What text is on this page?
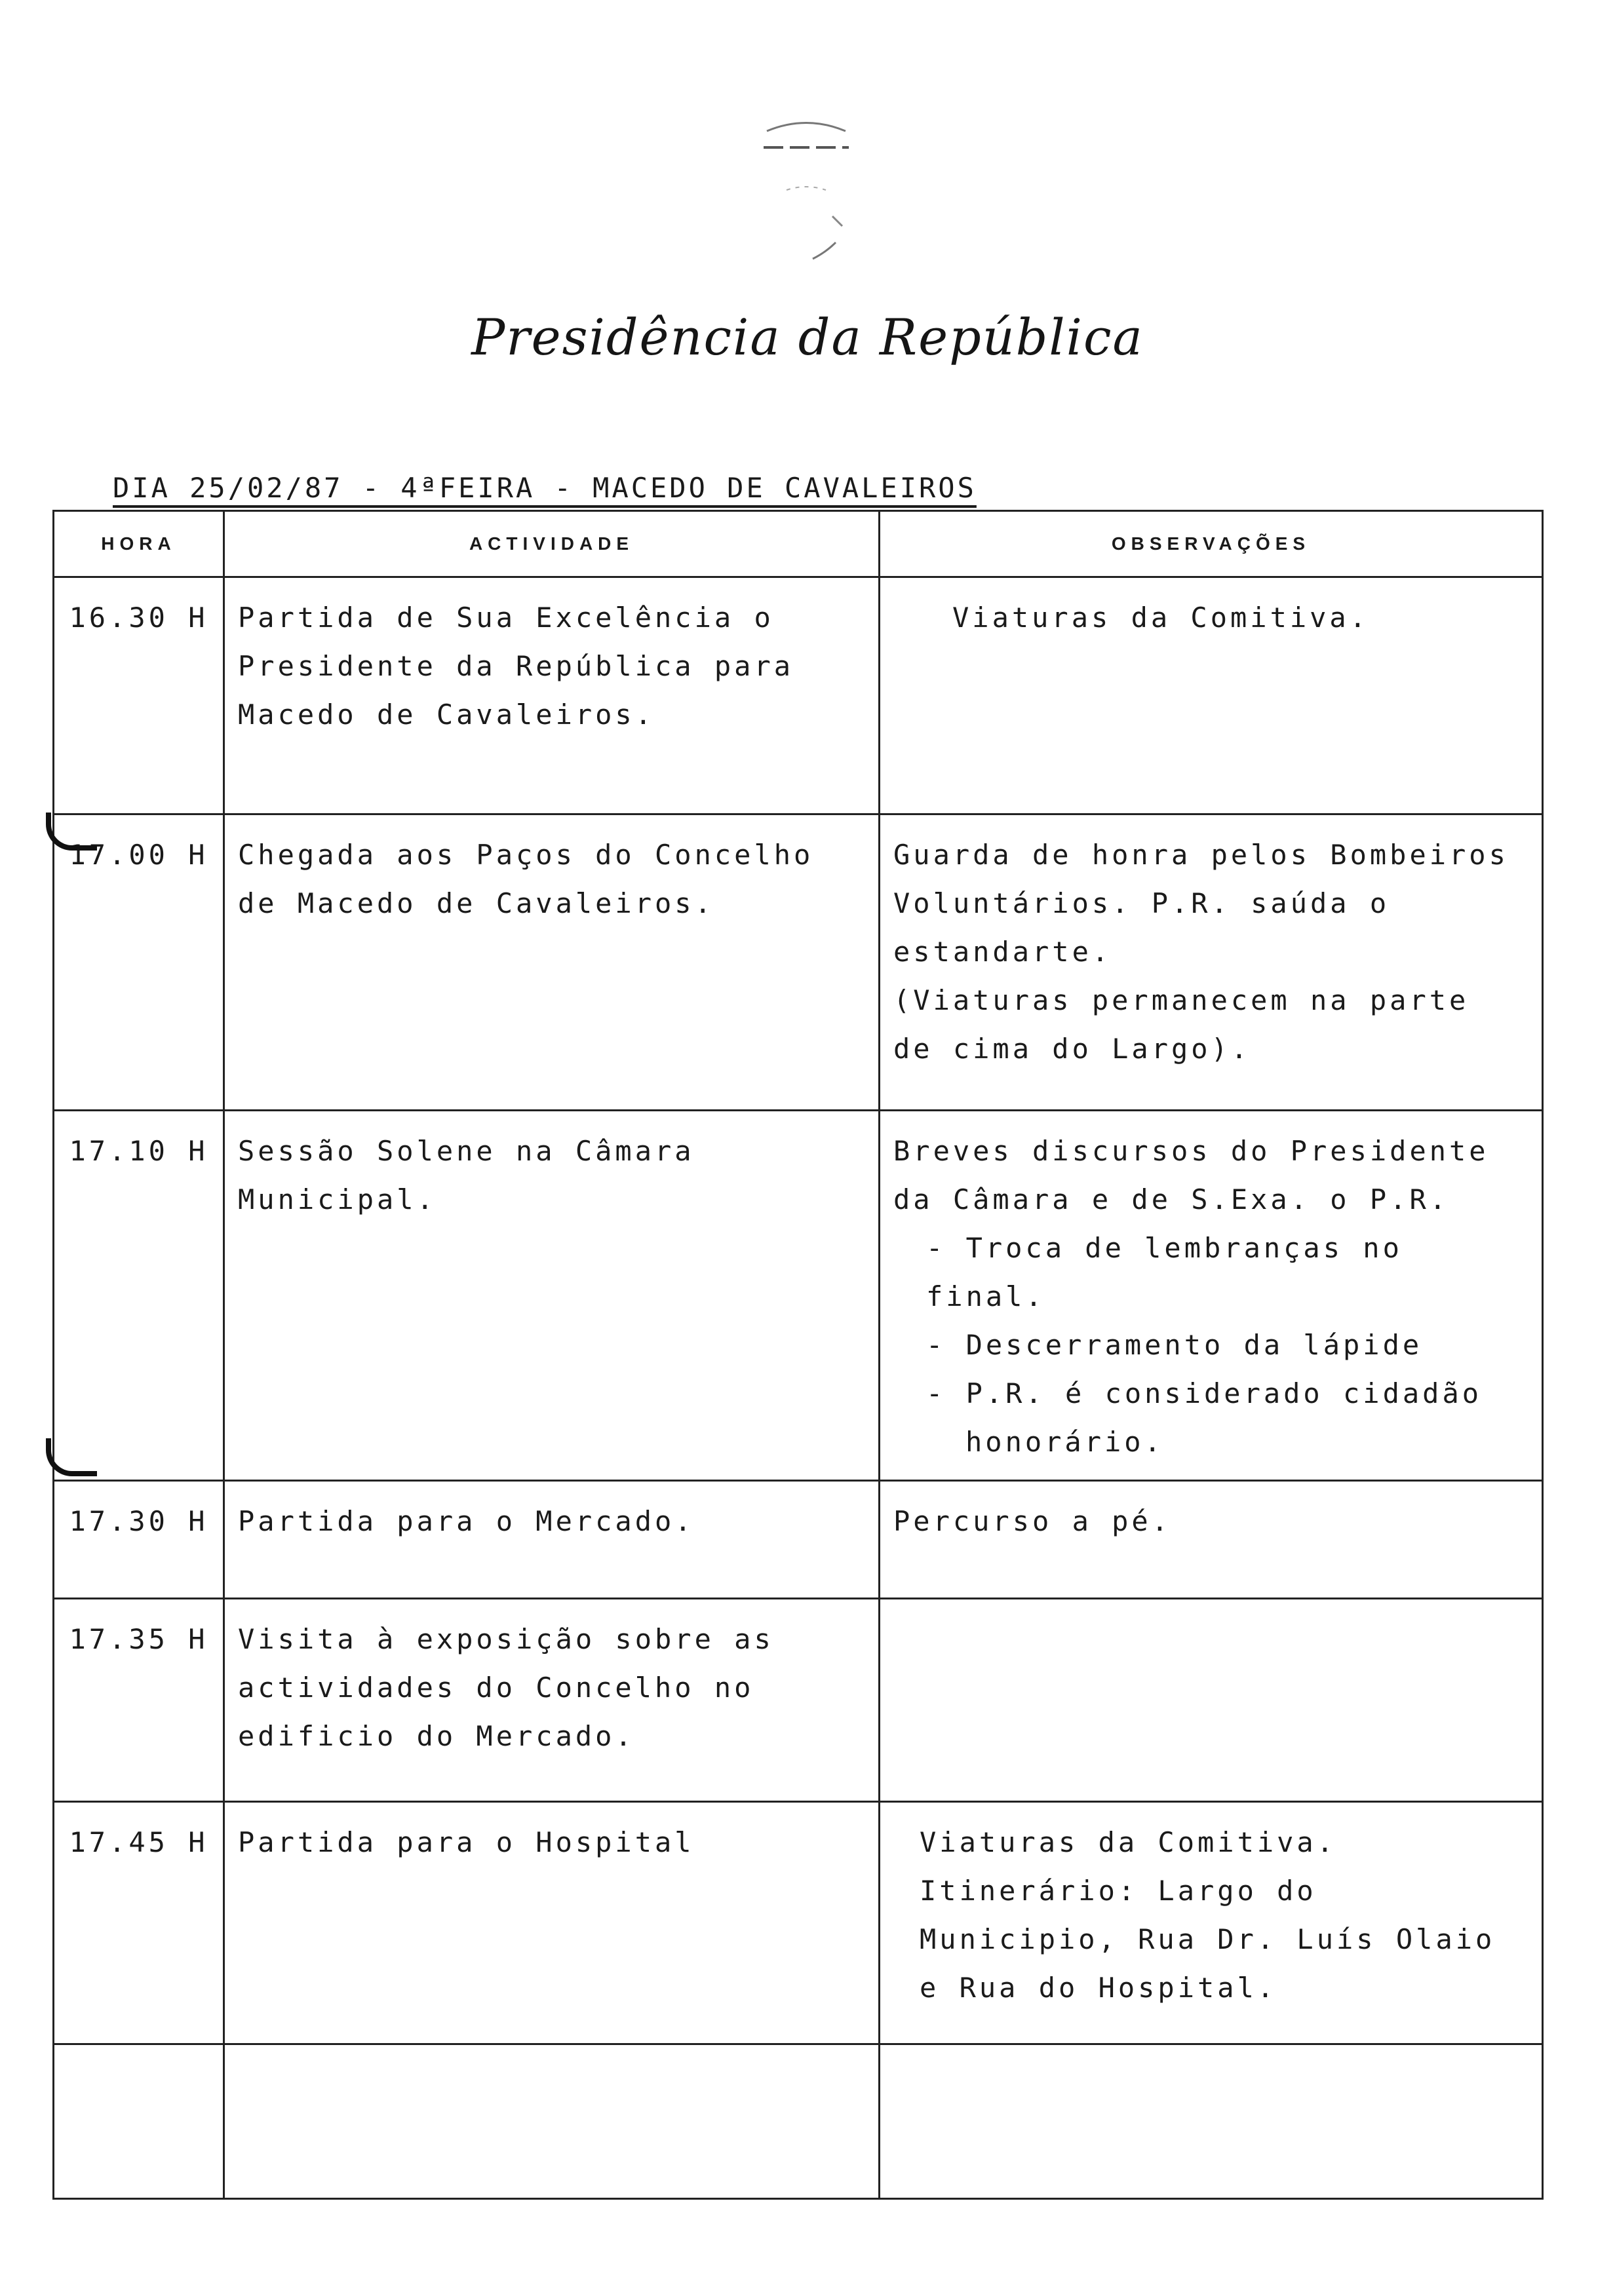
Presidência da República
DIA 25/02/87 - 4ªFEIRA - MACEDO DE CAVALEIROS
HORA	ACTIVIDADE	OBSERVAÇÕES
16.30 H	Partida de Sua Excelência o Presidente da República para Macedo de Cavaleiros.	Viaturas da Comitiva.

17.00 H	Chegada aos Paços do Concelho de Macedo de Cavaleiros.	Guarda de honra pelos Bombeiros Voluntários. P.R. saúda o estandarte.
(Viaturas permanecem na parte de cima do Largo).

17.10 H	Sessão Solene na Câmara Municipal.	Breves discursos do Presidente da Câmara e de S.Exa. o P.R.
- Troca de lembranças no final.
- Descerramento da lápide
- P.R. é considerado cidadão
honorário.

17.30 H	Partida para o Mercado.	Percurso a pé.

17.35 H	Visita à exposição sobre as actividades do Concelho no edificio do Mercado.	
17.45 H	Partida para o Hospital	Viaturas da Comitiva.
Itinerário: Largo do Municipio, Rua Dr. Luís Olaio e Rua do Hospital.
